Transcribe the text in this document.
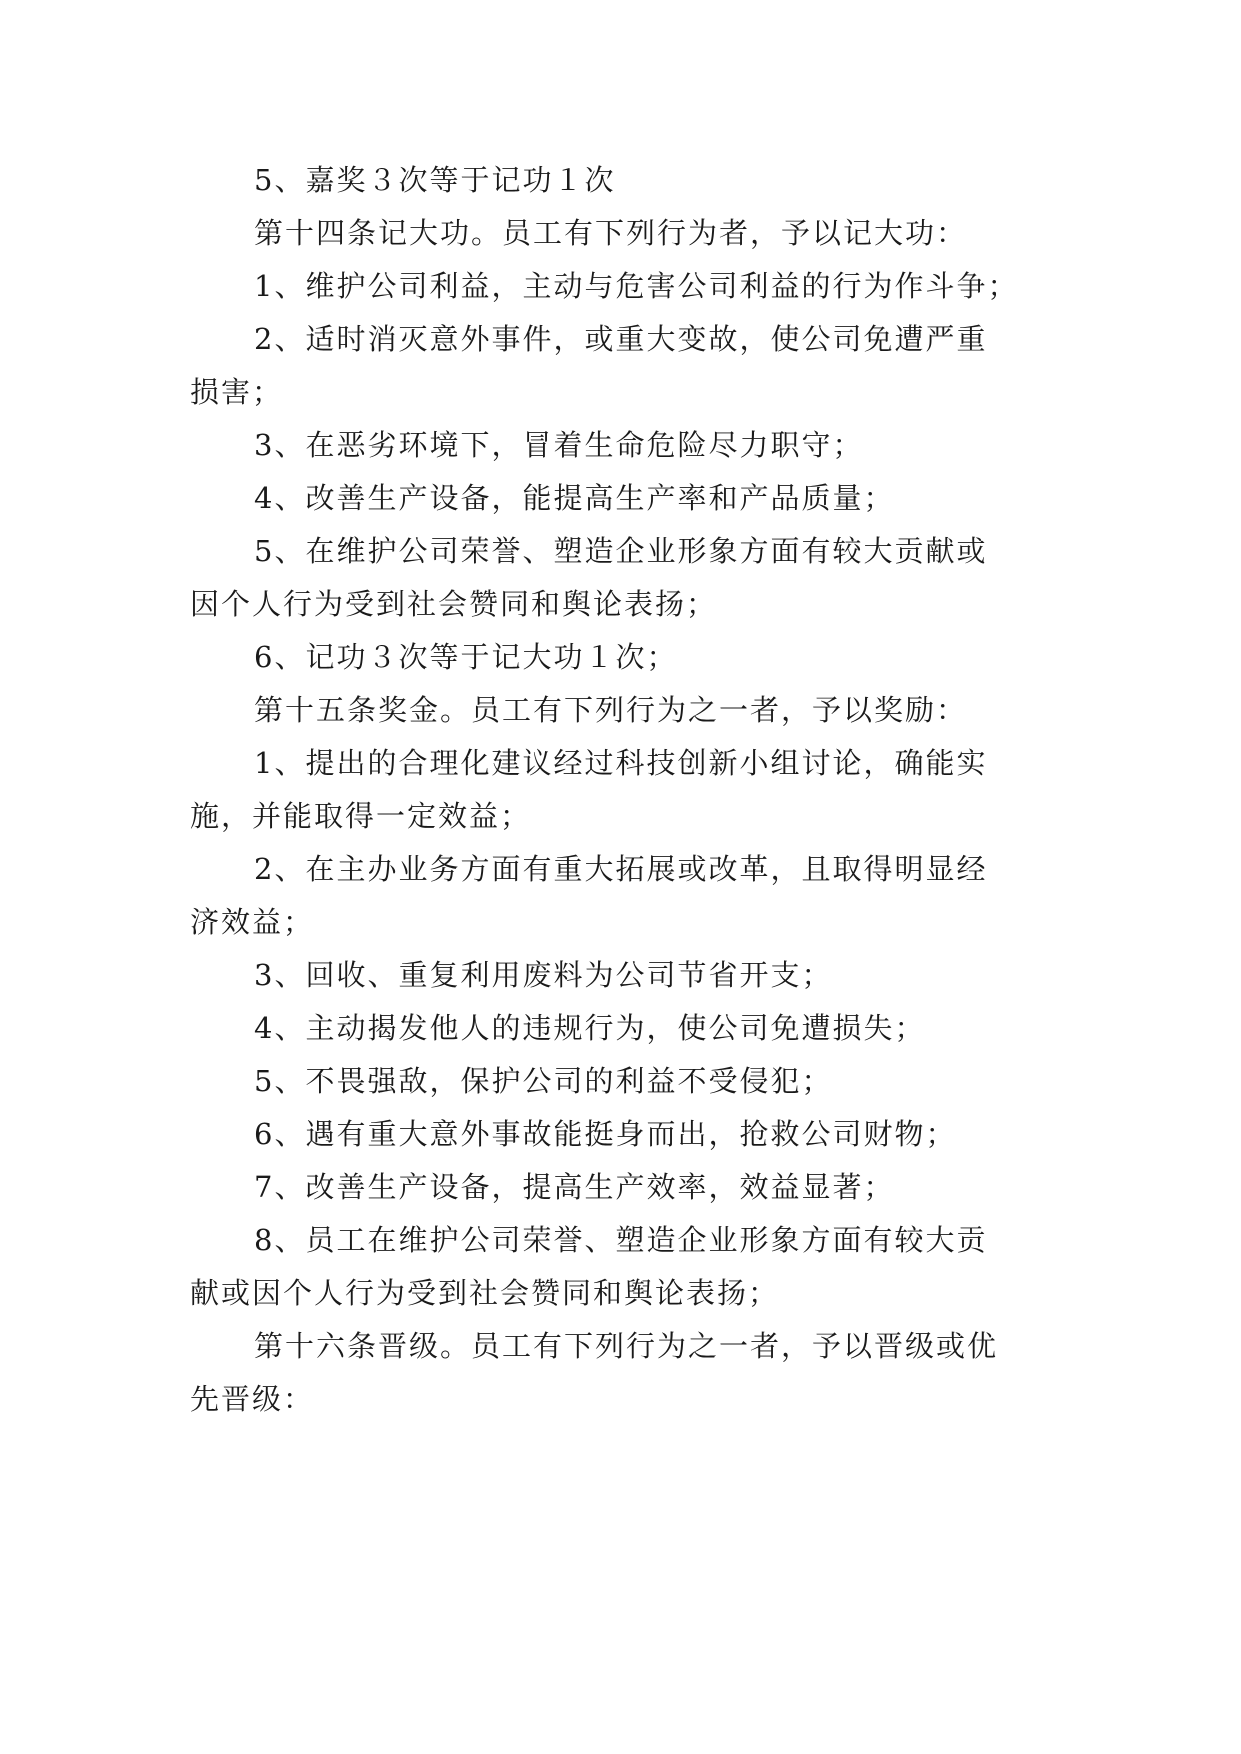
5、嘉奖３次等于记功１次
第十四条记大功。员工有下列行为者，予以记大功：
1、维护公司利益，主动与危害公司利益的行为作斗争；
2、适时消灭意外事件，或重大变故，使公司免遭严重
损害；
3、在恶劣环境下，冒着生命危险尽力职守；
4、改善生产设备，能提高生产率和产品质量；
5、在维护公司荣誉、塑造企业形象方面有较大贡献或
因个人行为受到社会赞同和舆论表扬；
6、记功３次等于记大功１次；
第十五条奖金。员工有下列行为之一者，予以奖励：
1、提出的合理化建议经过科技创新小组讨论，确能实
施，并能取得一定效益；
2、在主办业务方面有重大拓展或改革，且取得明显经
济效益；
3、回收、重复利用废料为公司节省开支；
4、主动揭发他人的违规行为，使公司免遭损失；
5、不畏强敌，保护公司的利益不受侵犯；
6、遇有重大意外事故能挺身而出，抢救公司财物；
7、改善生产设备，提高生产效率，效益显著；
8、员工在维护公司荣誉、塑造企业形象方面有较大贡
献或因个人行为受到社会赞同和舆论表扬；
第十六条晋级。员工有下列行为之一者，予以晋级或优
先晋级：
